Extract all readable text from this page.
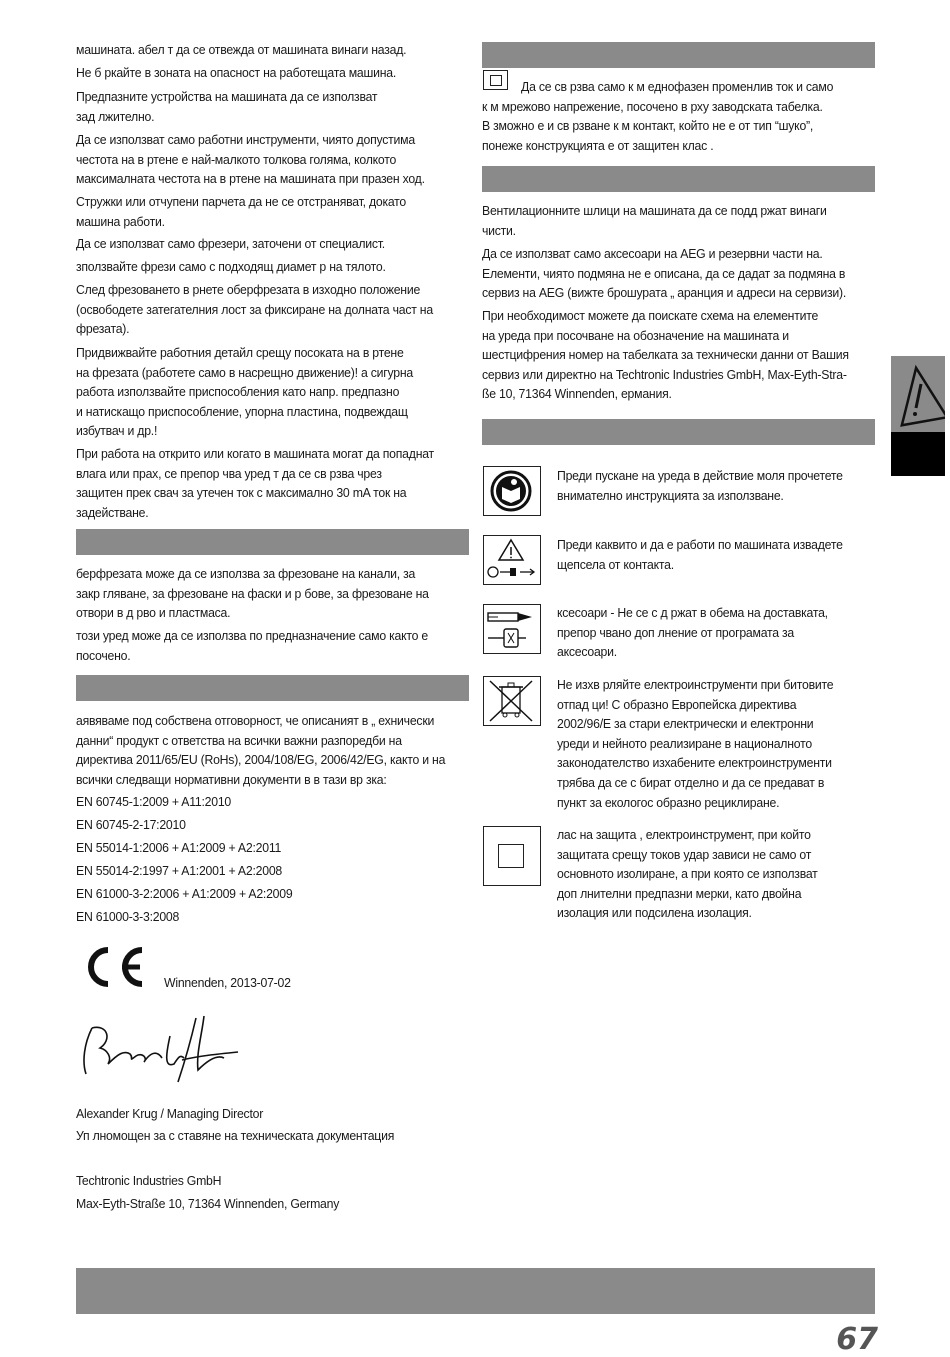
машината. абел т да се отвежда от машината винаги назад.

Не б ркайте в зоната на опасност на работещата машина.

Предпазните устройства на машината да се използват
зад лжително.

Да се използват само работни инструменти, чиято допустима
честота на в ртене е най-малкото толкова голяма, колкото
максималната честота на в ртене на машината при празен ход.

Стружки или отчупени парчета да не се отстраняват, докато
машина работи.

Да се използват само фрезери, заточени от специалист.

зползвайте фрези само с подходящ диамет р на тялото.

След фрезоването в рнете оберфрезата в изходно положение
(освободете затегателния лост за фиксиране на долната част на
фрезата).

Придвижвайте работния детайл срещу посоката на в ртене
на фрезата (работете само в насрещно движение)! а сигурна
работа използвайте приспособления като напр. предпазно
и натискащо приспособление, упорна пластина, подвеждащ
избутвач и др.!

При работа на открито или когато в машината могат да попаднат
влага или прах, се препор чва уред т да се св рзва чрез
защитен прек свач за утечен ток с максимално 30 mA ток на
задействане.

берфрезата може да се използва за фрезоване на канали, за
закр гляване, за фрезоване на фаски и р бове, за фрезоване на
отвори в д рво и пластмаса.

този уред може да се използва по предназначение само както е
посочено.

аявяваме под собствена отговорност, че описаният в „ ехнически
данни“ продукт с ответства на всички важни разпоредби на
директива 2011/65/EU (RoHs), 2004/108/EG, 2006/42/EG, както и на
всички следващи нормативни документи в в тази вр зка:

EN 60745-1:2009 + A11:2010

EN 60745-2-17:2010

EN 55014-1:2006 + A1:2009 + A2:2011

EN 55014-2:1997 + A1:2001 + A2:2008

EN 61000-3-2:2006 + A1:2009 + A2:2009

EN 61000-3-3:2008

Winnenden, 2013-07-02

Alexander Krug / Managing Director

Уп лномощен за с ставяне на техническата документация

Techtronic Industries GmbH

Max-Eyth-Straße 10, 71364 Winnenden, Germany

Да се св рзва само к м еднофазен променлив ток и само
к м мрежово напрежение, посочено в рху заводската табелка.
В зможно е и св рзване к м контакт, който не е от тип “шуко”,
понеже конструкцията е от защитен клас .

Вентилационните шлици на машината да се подд ржат винаги
чисти.

Да се използват само аксесоари на AEG и резервни части на.
Елементи, чиято подмяна не е описана, да се дадат за подмяна в
сервиз на AEG (вижте брошурата „ аранция и адреси на сервизи).

При необходимост можете да поискате схема на елементите
на уреда при посочване на обозначение на машината и
шестцифрения номер на табелката за технически данни от Вашия
сервиз или директно на Techtronic Industries GmbH, Max-Eyth-Stra-
ße 10, 71364 Winnenden, ермания.

Преди пускане на уреда в действие моля прочетете
внимателно инструкцията за използване.

Преди каквито и да е работи по машината извадете
щепсела от контакта.

ксесоари - Не се с д ржат в обема на доставката,
препор чвано доп лнение от програмата за
аксесоари.

Не изхв рляйте електроинструменти при битовите
отпад ци! С образно Европейска директива
2002/96/Е за стари електрически и електронни
уреди и нейното реализиране в националното
законодателство изхабените електроинструменти
трябва да се с бират отделно и да се предават в
пункт за екологос образно рециклиране.

лас на защита , електроинструмент, при който
защитата срещу токов удар зависи не само от
основното изолиране, а при която се използват
доп лнителни предпазни мерки, като двойна
изолация или подсилена изолация.

67
